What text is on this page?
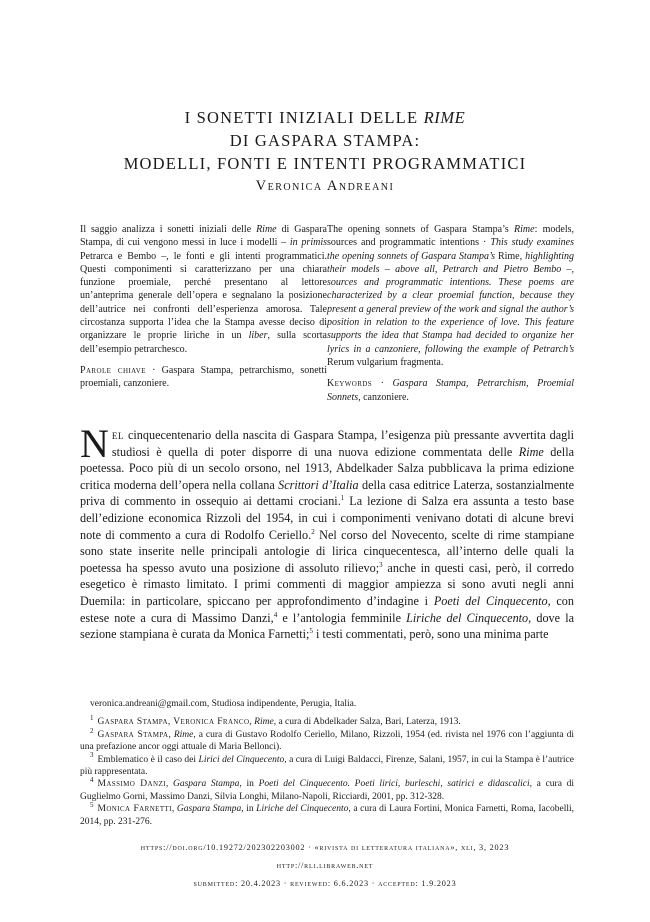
I SONETTI INIZIALI DELLE RIME
DI GASPARA STAMPA:
MODELLI, FONTI E INTENTI PROGRAMMATICI
Veronica Andreani

Il saggio analizza i sonetti iniziali delle Rime di Gaspara Stampa, di cui vengono messi in luce i modelli – in primis Petrarca e Bembo –, le fonti e gli intenti programmatici. Questi componimenti si caratterizzano per una chiara funzione proemiale, perché presentano al lettore un’anteprima generale dell’opera e segnalano la posizione dell’autrice nei confronti dell’esperienza amorosa. Tale circostanza supporta l’idea che la Stampa avesse deciso di organizzare le proprie liriche in un liber, sulla scorta dell’esempio petrarchesco.

Parole chiave · Gaspara Stampa, petrarchismo, sonetti proemiali, canzoniere.

The opening sonnets of Gaspara Stampa’s Rime: models, sources and programmatic intentions · This study examines the opening sonnets of Gaspara Stampa’s Rime, highlighting their models – above all, Petrarch and Pietro Bembo –, sources and programmatic intentions. These poems are characterized by a clear proemial function, because they present a general preview of the work and signal the author’s position in relation to the experience of love. This feature supports the idea that Stampa had decided to organize her lyrics in a canzoniere, following the example of Petrarch’s Rerum vulgarium fragmenta.

Keywords · Gaspara Stampa, Petrarchism, Proemial Sonnets, canzoniere.

Nel cinquecentenario della nascita di Gaspara Stampa, l’esigenza più pressante avvertita dagli studiosi è quella di poter disporre di una nuova edizione commentata delle Rime della poetessa. Poco più di un secolo orsono, nel 1913, Abdelkader Salza pubblicava la prima edizione critica moderna dell’opera nella collana Scrittori d’Italia della casa editrice Laterza, sostanzialmente priva di commento in ossequio ai dettami crociani.$^1$ La lezione di Salza era assunta a testo base dell’edizione economica Rizzoli del 1954, in cui i componimenti venivano dotati di alcune brevi note di commento a cura di Rodolfo Ceriello.$^2$ Nel corso del Novecento, scelte di rime stampiane sono state inserite nelle principali antologie di lirica cinquecentesca, all’interno delle quali la poetessa ha spesso avuto una posizione di assoluto rilievo;$^3$ anche in questi casi, però, il corredo esegetico è rimasto limitato. I primi commenti di maggior ampiezza si sono avuti negli anni Duemila: in particolare, spiccano per approfondimento d’indagine i Poeti del Cinquecento, con estese note a cura di Massimo Danzi,$^4$ e l’antologia femminile Liriche del Cinquecento, dove la sezione stampiana è curata da Monica Farnetti;$^5$ i testi commentati, però, sono una minima parte

veronica.andreani@gmail.com, Studiosa indipendente, Perugia, Italia.

$^1$ Gaspara Stampa, Veronica Franco, Rime, a cura di Abdelkader Salza, Bari, Laterza, 1913.

$^2$ Gaspara Stampa, Rime, a cura di Gustavo Rodolfo Ceriello, Milano, Rizzoli, 1954 (ed. rivista nel 1976 con l’aggiunta di una prefazione ancor oggi attuale di Maria Bellonci).

$^3$ Emblematico è il caso dei Lirici del Cinquecento, a cura di Luigi Baldacci, Firenze, Salani, 1957, in cui la Stampa è l’autrice più rappresentata.

$^4$ Massimo Danzi, Gaspara Stampa, in Poeti del Cinquecento. Poeti lirici, burleschi, satirici e didascalici, a cura di Guglielmo Gorni, Massimo Danzi, Silvia Longhi, Milano-Napoli, Ricciardi, 2001, pp. 312-328.

$^5$ Monica Farnetti, Gaspara Stampa, in Liriche del Cinquecento, a cura di Laura Fortini, Monica Farnetti, Roma, Iacobelli, 2014, pp. 231-276.

https://doi.org/10.19272/202302203002 · «rivista di letteratura italiana», xli, 3, 2023
http://rli.libraweb.net
submitted: 20.4.2023 · reviewed: 6.6.2023 · accepted: 1.9.2023
